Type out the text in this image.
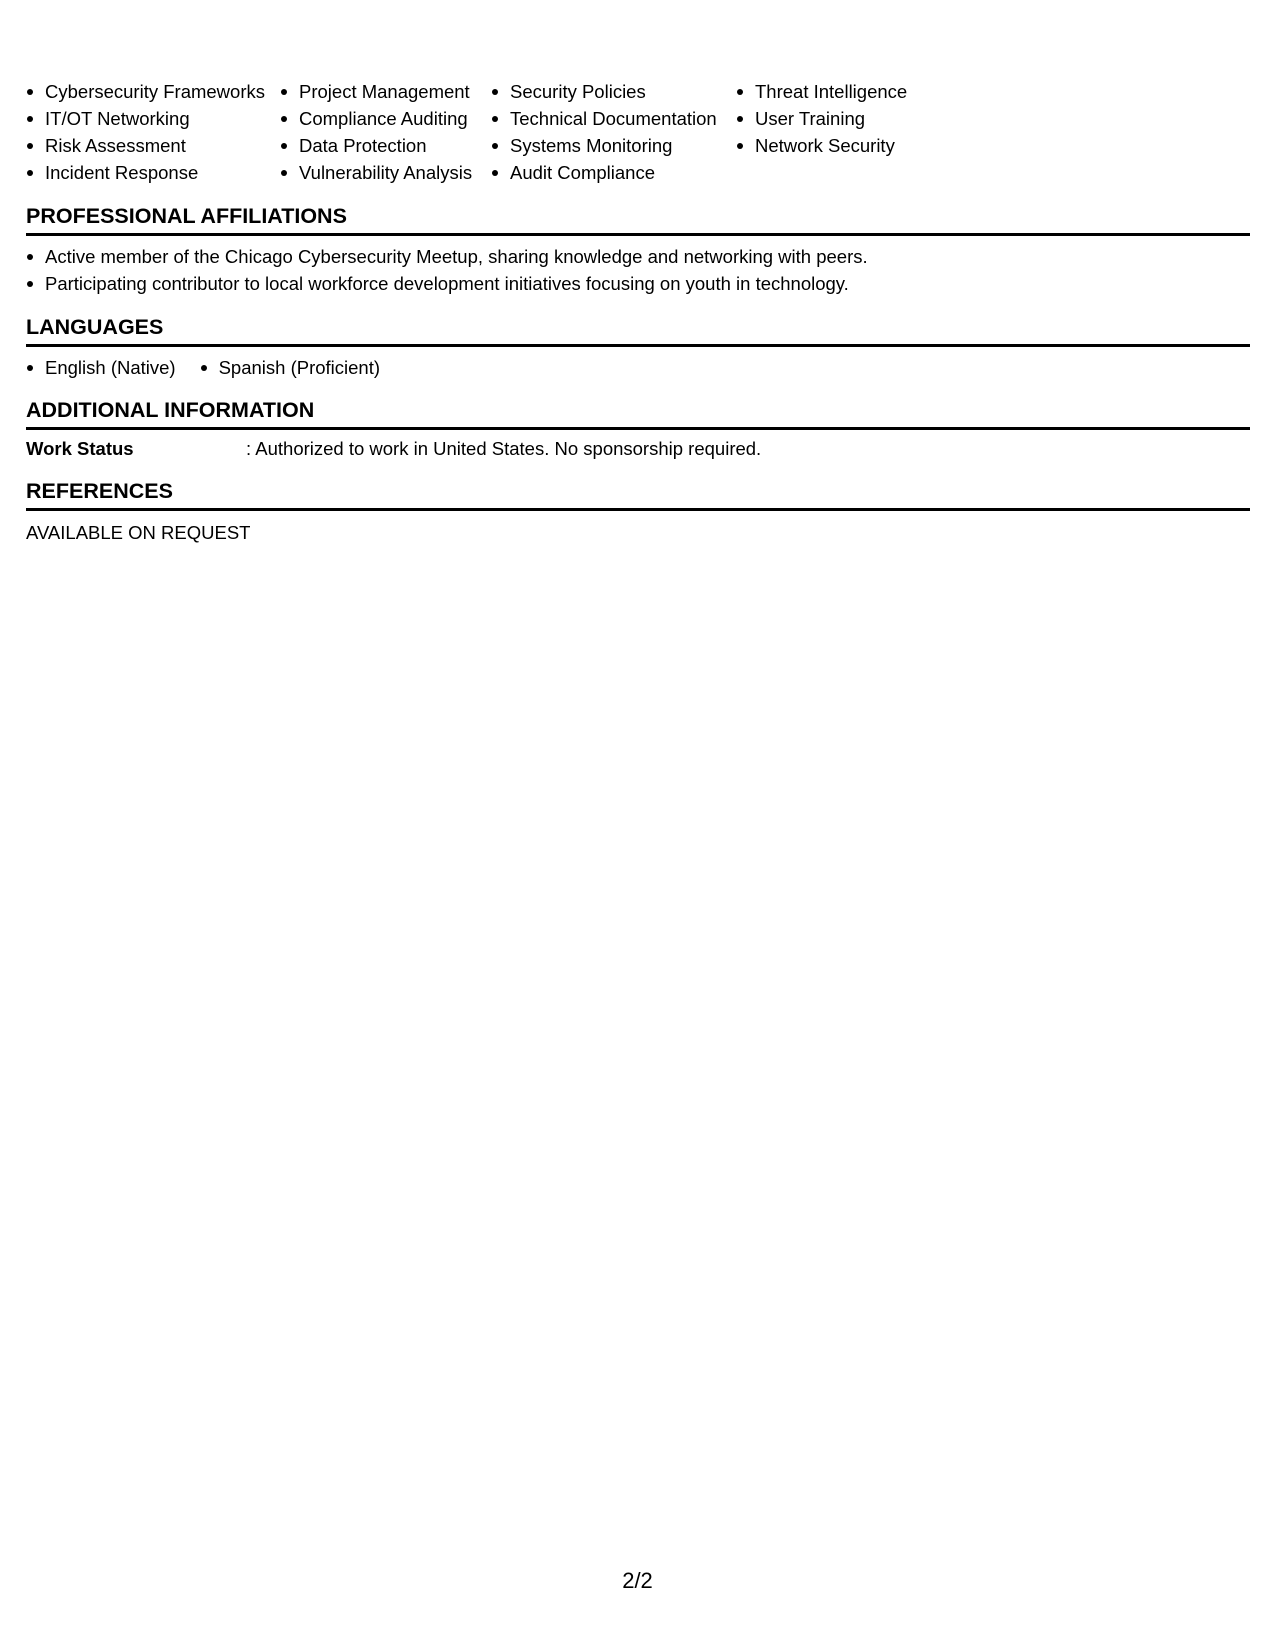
Cybersecurity Frameworks
IT/OT Networking
Risk Assessment
Incident Response
Project Management
Compliance Auditing
Data Protection
Vulnerability Analysis
Security Policies
Technical Documentation
Systems Monitoring
Audit Compliance
Threat Intelligence
User Training
Network Security
PROFESSIONAL AFFILIATIONS
Active member of the Chicago Cybersecurity Meetup, sharing knowledge and networking with peers.
Participating contributor to local workforce development initiatives focusing on youth in technology.
LANGUAGES
English (Native)	Spanish (Proficient)
ADDITIONAL INFORMATION
Work Status	: Authorized to work in United States. No sponsorship required.
REFERENCES
AVAILABLE ON REQUEST
2/2
